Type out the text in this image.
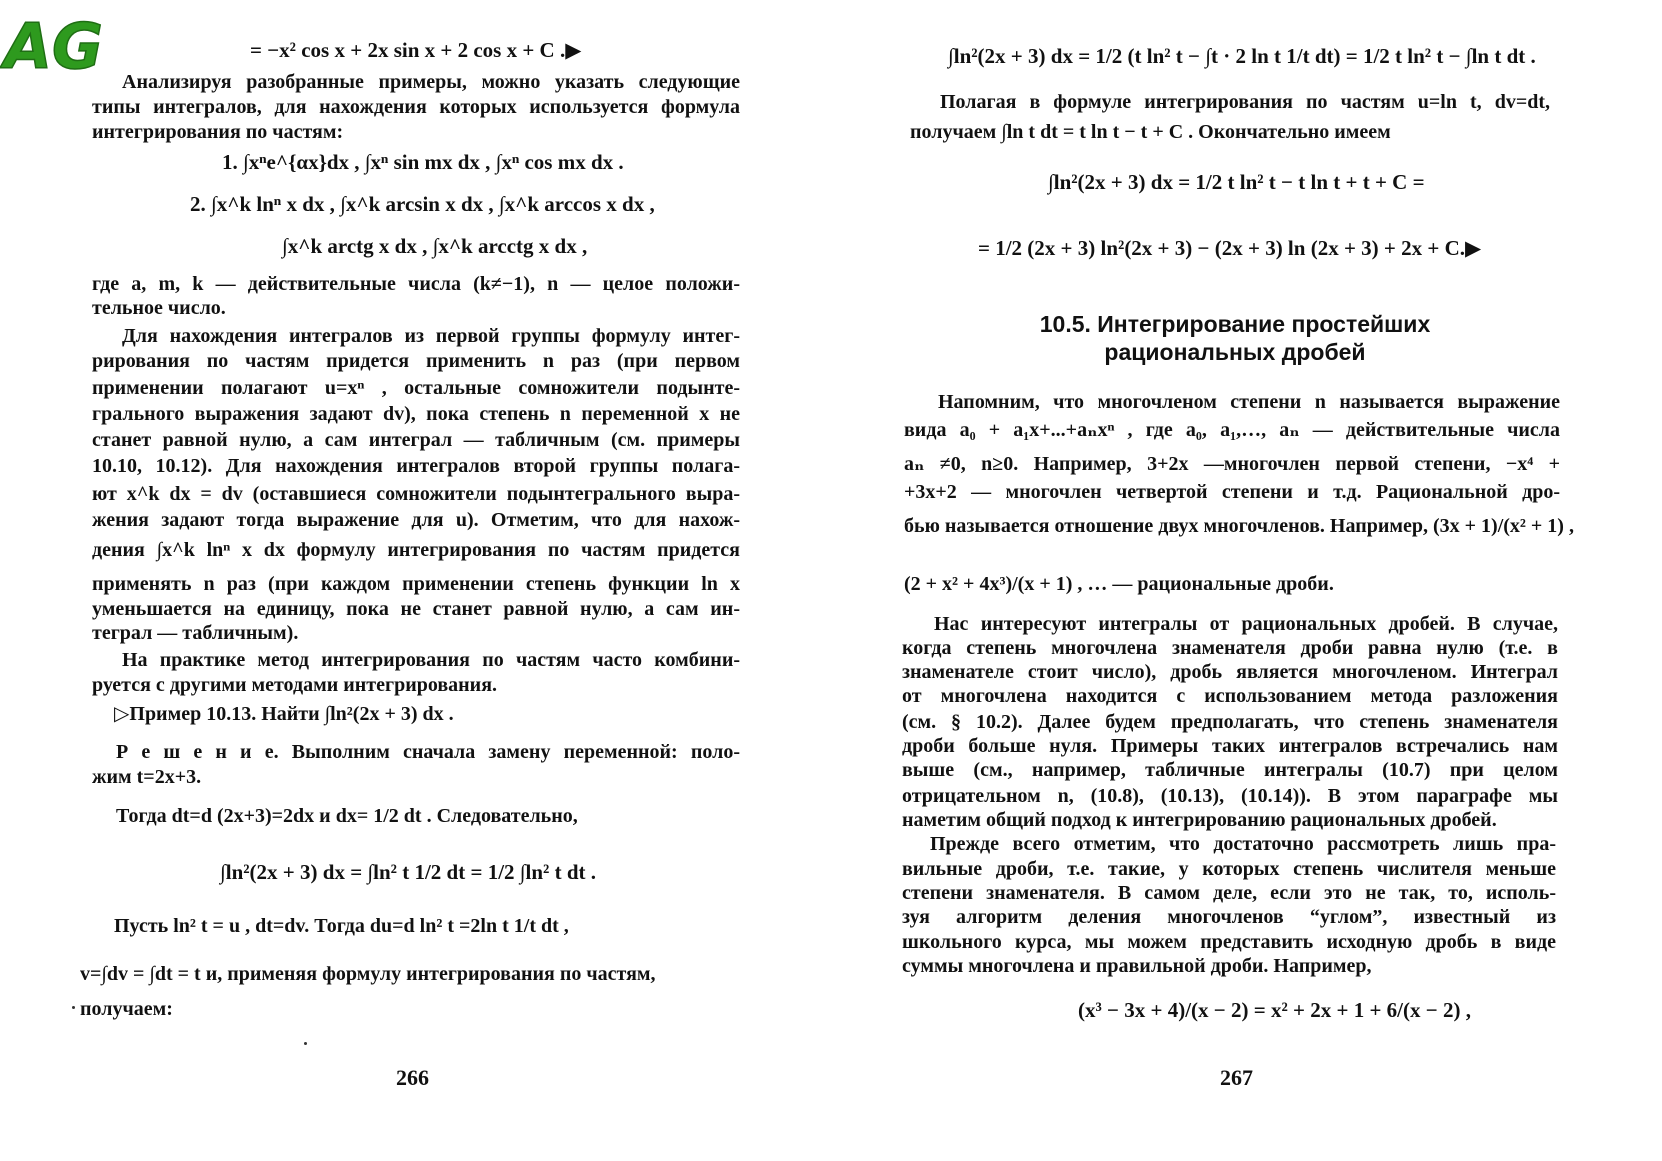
AG	= −x² cos x + 2x sin x + 2 cos x + C .▶
Анализируя разобранные примеры, можно указать следующие
типы интегралов, для нахождения которых используется формула
интегрирования по частям:
1. ∫xⁿe^{αx}dx , ∫xⁿ sin mx dx , ∫xⁿ cos mx dx .
2. ∫x^k lnⁿ x dx , ∫x^k arcsin x dx , ∫x^k arccos x dx ,
∫x^k arctg x dx , ∫x^k arcctg x dx ,
где a, m, k — действительные числа (k≠−1), n — целое положи-
тельное число.
Для нахождения интегралов из первой группы формулу интег-
рирования по частям придется применить n раз (при первом
применении полагают u=xⁿ , остальные сомножители подынте-
грального выражения задают dv), пока степень n переменной x не
станет равной нулю, а сам интеграл — табличным (см. примеры
10.10, 10.12). Для нахождения интегралов второй группы полага-
ют x^k dx = dv (оставшиеся сомножители подынтегрального выра-
жения задают тогда выражение для u). Отметим, что для нахож-
дения ∫x^k lnⁿ x dx формулу интегрирования по частям придется
применять n раз (при каждом применении степень функции ln x
уменьшается на единицу, пока не станет равной нулю, а сам ин-
теграл — табличным).
На практике метод интегрирования по частям часто комбини-
руется с другими методами интегрирования.
▷Пример 10.13. Найти ∫ln²(2x + 3) dx .
Р е ш е н и е. Выполним сначала замену переменной: поло-
жим t=2x+3.
Тогда dt=d (2x+3)=2dx и dx= 1/2 dt . Следовательно,
∫ln²(2x + 3) dx = ∫ln² t 1/2 dt = 1/2 ∫ln² t dt .
Пусть ln² t = u , dt=dv. Тогда du=d ln² t =2ln t 1/t dt ,
v=∫dv = ∫dt = t и, применяя формулу интегрирования по частям,
получаем:
266
∫ln²(2x + 3) dx = 1/2 (t ln² t − ∫t · 2 ln t 1/t dt) = 1/2 t ln² t − ∫ln t dt .
Полагая в формуле интегрирования по частям u=ln t, dv=dt,
получаем ∫ln t dt = t ln t − t + C . Окончательно имеем
∫ln²(2x + 3) dx = 1/2 t ln² t − t ln t + t + C =
= 1/2 (2x + 3) ln²(2x + 3) − (2x + 3) ln (2x + 3) + 2x + C.▶
10.5. Интегрирование простейших
рациональных дробей
Напомним, что многочленом степени n называется выражение
вида a₀ + a₁x+...+aₙxⁿ , где a₀, a₁,…, aₙ — действительные числа
aₙ ≠0, n≥0. Например, 3+2x —многочлен первой степени, −x⁴ +
+3x+2 — многочлен четвертой степени и т.д. Рациональной дро-
бью называется отношение двух многочленов. Например, (3x + 1)/(x² + 1) ,
(2 + x² + 4x³)/(x + 1) , … — рациональные дроби.
Нас интересуют интегралы от рациональных дробей. В случае,
когда степень многочлена знаменателя дроби равна нулю (т.е. в
знаменателе стоит число), дробь является многочленом. Интеграл
от многочлена находится с использованием метода разложения
(см. § 10.2). Далее будем предполагать, что степень знаменателя
дроби больше нуля. Примеры таких интегралов встречались нам
выше (см., например, табличные интегралы (10.7) при целом
отрицательном n, (10.8), (10.13), (10.14)). В этом параграфе мы
наметим общий подход к интегрированию рациональных дробей.
Прежде всего отметим, что достаточно рассмотреть лишь пра-
вильные дроби, т.е. такие, у которых степень числителя меньше
степени знаменателя. В самом деле, если это не так, то, исполь-
зуя алгоритм деления многочленов “углом”, известный из
школьного курса, мы можем представить исходную дробь в виде
суммы многочлена и правильной дроби. Например,
(x³ − 3x + 4)/(x − 2) = x² + 2x + 1 + 6/(x − 2) ,
267
